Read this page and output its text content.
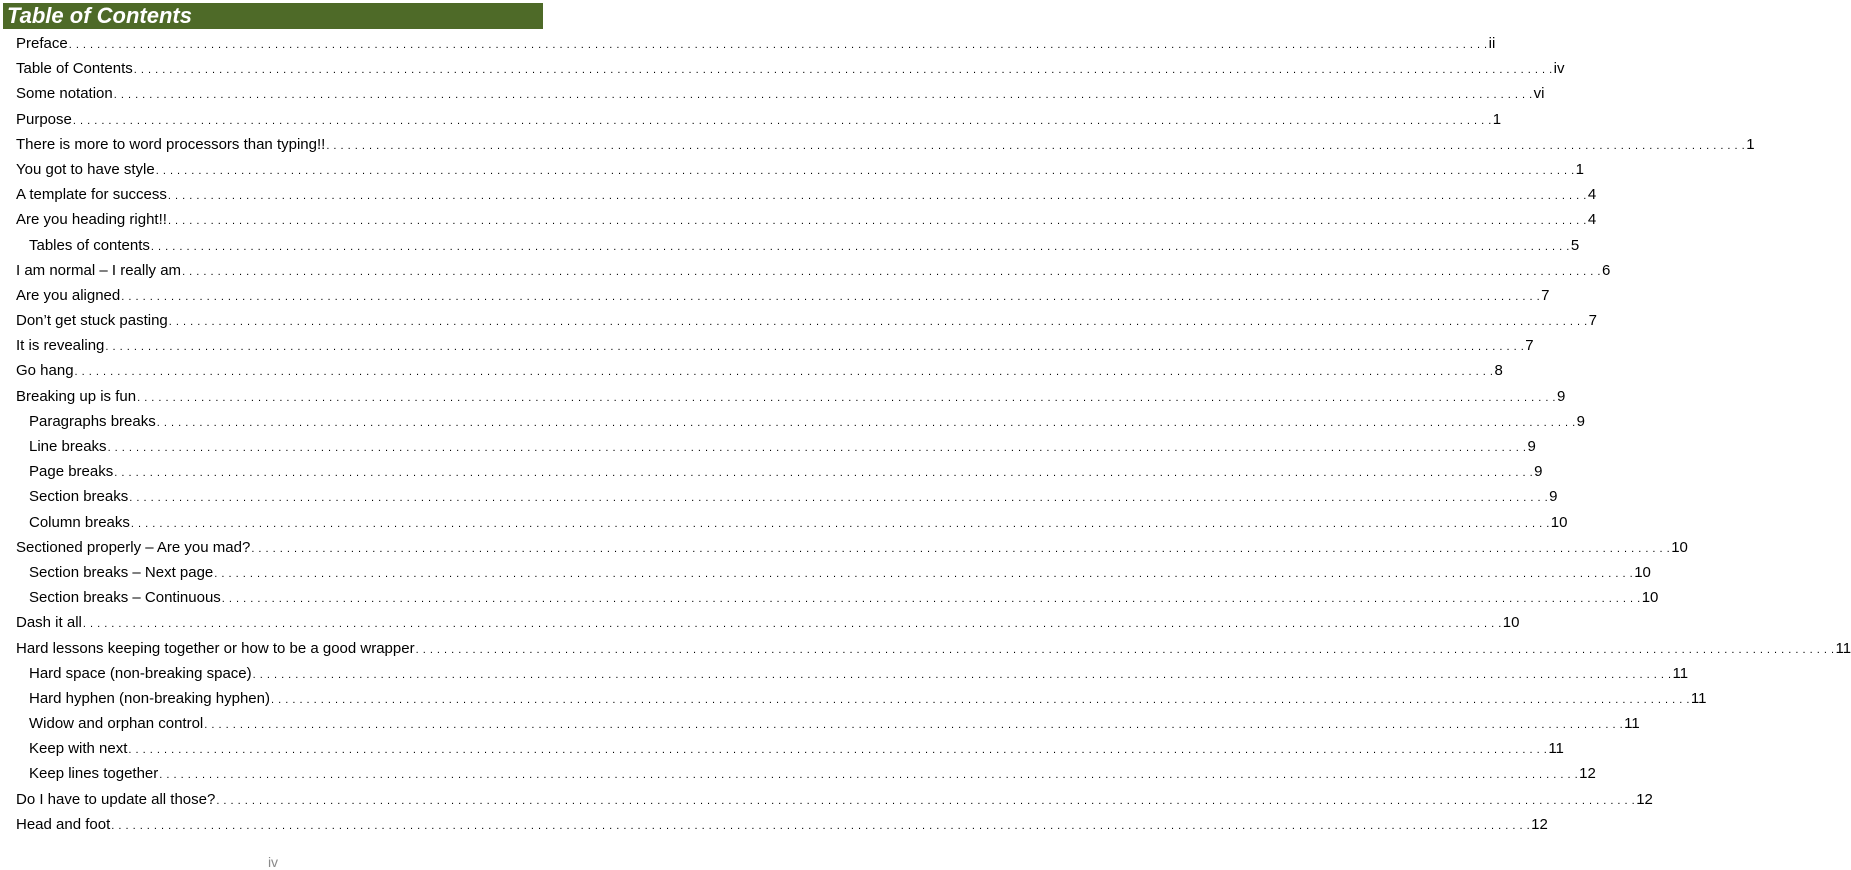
Table of Contents
Preface . . . . . . . . . . . . . . . . . . . . . . . . . . . . . . . . . . . . . . . . . . . . . . . . . . . . . . . . . . . . . . . . . . . . . . . . . . . . . . . . . . . . . . . . . . . . . . . . . . . . . . . . . . . . . . . . . . . . . . . . . . . . . . . . . . . . . . . . . . . . . . . . . . . . . . . . . . . . . . . . . . . . . . . . . . . . . . . . . . . . . . . . . . . . . . . . . . . . . . . . ii
Table of Contents . . . . . . . . . . . . . . . . . . . . . . . . . . . . . . . . . . . . . . . . . . . . . . . . . . . . . . . . . . . . . . . . . . . . . . . . . . . . . . . . . . . . . . . . . . . . . . . . . . . . . . . . . . . . . . . . . . . . . . . . . . . . . . . . . . . . . . . . . . . . . . . . . . . . . . . . . . . . . . . . . . . . . . . . . . . . . . . . . . . . . . . . . . . . . . . . . . . . . . . . iv
Some notation . . . . . . . . . . . . . . . . . . . . . . . . . . . . . . . . . . . . . . . . . . . . . . . . . . . . . . . . . . . . . . . . . . . . . . . . . . . . . . . . . . . . . . . . . . . . . . . . . . . . . . . . . . . . . . . . . . . . . . . . . . . . . . . . . . . . . . . . . . . . . . . . . . . . . . . . . . . . . . . . . . . . . . . . . . . . . . . . . . . . . . . . . . . . . . . . . . . . . . . . vi
Purpose . . . . . . . . . . . . . . . . . . . . . . . . . . . . . . . . . . . . . . . . . . . . . . . . . . . . . . . . . . . . . . . . . . . . . . . . . . . . . . . . . . . . . . . . . . . . . . . . . . . . . . . . . . . . . . . . . . . . . . . . . . . . . . . . . . . . . . . . . . . . . . . . . . . . . . . . . . . . . . . . . . . . . . . . . . . . . . . . . . . . . . . . . . . . . . . . . . . . . . . . 1
There is more to word processors than typing!! . . . . . . . . . . . . . . . . . . . . . . . . . . . . . . . . . . . . . . . . . . . . . . . . . . . . . . . . . . . . . . . . . . . . . . . . . . . . . . . . . . . . . . . . . . . . . . . . . . . . . . . . . . . . . . . . . . . . . . . . . . . . . . . . . . . . . . . . . . . . . . . . . . . . . . . . . . . . . . . . . . . . . . . . . . . . . . . . . . . . . . . . . . . . . . . . . . . . . . . . 1
You got to have style . . . . . . . . . . . . . . . . . . . . . . . . . . . . . . . . . . . . . . . . . . . . . . . . . . . . . . . . . . . . . . . . . . . . . . . . . . . . . . . . . . . . . . . . . . . . . . . . . . . . . . . . . . . . . . . . . . . . . . . . . . . . . . . . . . . . . . . . . . . . . . . . . . . . . . . . . . . . . . . . . . . . . . . . . . . . . . . . . . . . . . . . . . . . . . . . . . . . . . . . 1
A template for success . . . . . . . . . . . . . . . . . . . . . . . . . . . . . . . . . . . . . . . . . . . . . . . . . . . . . . . . . . . . . . . . . . . . . . . . . . . . . . . . . . . . . . . . . . . . . . . . . . . . . . . . . . . . . . . . . . . . . . . . . . . . . . . . . . . . . . . . . . . . . . . . . . . . . . . . . . . . . . . . . . . . . . . . . . . . . . . . . . . . . . . . . . . . . . . . . . . . . . . . 4
Are you heading right!! . . . . . . . . . . . . . . . . . . . . . . . . . . . . . . . . . . . . . . . . . . . . . . . . . . . . . . . . . . . . . . . . . . . . . . . . . . . . . . . . . . . . . . . . . . . . . . . . . . . . . . . . . . . . . . . . . . . . . . . . . . . . . . . . . . . . . . . . . . . . . . . . . . . . . . . . . . . . . . . . . . . . . . . . . . . . . . . . . . . . . . . . . . . . . . . . . . . . . . . . 4
Tables of contents . . . . . . . . . . . . . . . . . . . . . . . . . . . . . . . . . . . . . . . . . . . . . . . . . . . . . . . . . . . . . . . . . . . . . . . . . . . . . . . . . . . . . . . . . . . . . . . . . . . . . . . . . . . . . . . . . . . . . . . . . . . . . . . . . . . . . . . . . . . . . . . . . . . . . . . . . . . . . . . . . . . . . . . . . . . . . . . . . . . . . . . . . . . . . . . . . . . . . . . . 5
I am normal – I really am . . . . . . . . . . . . . . . . . . . . . . . . . . . . . . . . . . . . . . . . . . . . . . . . . . . . . . . . . . . . . . . . . . . . . . . . . . . . . . . . . . . . . . . . . . . . . . . . . . . . . . . . . . . . . . . . . . . . . . . . . . . . . . . . . . . . . . . . . . . . . . . . . . . . . . . . . . . . . . . . . . . . . . . . . . . . . . . . . . . . . . . . . . . . . . . . . . . . . . . . 6
Are you aligned . . . . . . . . . . . . . . . . . . . . . . . . . . . . . . . . . . . . . . . . . . . . . . . . . . . . . . . . . . . . . . . . . . . . . . . . . . . . . . . . . . . . . . . . . . . . . . . . . . . . . . . . . . . . . . . . . . . . . . . . . . . . . . . . . . . . . . . . . . . . . . . . . . . . . . . . . . . . . . . . . . . . . . . . . . . . . . . . . . . . . . . . . . . . . . . . . . . . . . . . 7
Don’t get stuck pasting . . . . . . . . . . . . . . . . . . . . . . . . . . . . . . . . . . . . . . . . . . . . . . . . . . . . . . . . . . . . . . . . . . . . . . . . . . . . . . . . . . . . . . . . . . . . . . . . . . . . . . . . . . . . . . . . . . . . . . . . . . . . . . . . . . . . . . . . . . . . . . . . . . . . . . . . . . . . . . . . . . . . . . . . . . . . . . . . . . . . . . . . . . . . . . . . . . . . . . . . 7
It is revealing . . . . . . . . . . . . . . . . . . . . . . . . . . . . . . . . . . . . . . . . . . . . . . . . . . . . . . . . . . . . . . . . . . . . . . . . . . . . . . . . . . . . . . . . . . . . . . . . . . . . . . . . . . . . . . . . . . . . . . . . . . . . . . . . . . . . . . . . . . . . . . . . . . . . . . . . . . . . . . . . . . . . . . . . . . . . . . . . . . . . . . . . . . . . . . . . . . . . . . . . 7
Go hang . . . . . . . . . . . . . . . . . . . . . . . . . . . . . . . . . . . . . . . . . . . . . . . . . . . . . . . . . . . . . . . . . . . . . . . . . . . . . . . . . . . . . . . . . . . . . . . . . . . . . . . . . . . . . . . . . . . . . . . . . . . . . . . . . . . . . . . . . . . . . . . . . . . . . . . . . . . . . . . . . . . . . . . . . . . . . . . . . . . . . . . . . . . . . . . . . . . . . . . . 8
Breaking up is fun . . . . . . . . . . . . . . . . . . . . . . . . . . . . . . . . . . . . . . . . . . . . . . . . . . . . . . . . . . . . . . . . . . . . . . . . . . . . . . . . . . . . . . . . . . . . . . . . . . . . . . . . . . . . . . . . . . . . . . . . . . . . . . . . . . . . . . . . . . . . . . . . . . . . . . . . . . . . . . . . . . . . . . . . . . . . . . . . . . . . . . . . . . . . . . . . . . . . . . . . 9
Paragraphs breaks . . . . . . . . . . . . . . . . . . . . . . . . . . . . . . . . . . . . . . . . . . . . . . . . . . . . . . . . . . . . . . . . . . . . . . . . . . . . . . . . . . . . . . . . . . . . . . . . . . . . . . . . . . . . . . . . . . . . . . . . . . . . . . . . . . . . . . . . . . . . . . . . . . . . . . . . . . . . . . . . . . . . . . . . . . . . . . . . . . . . . . . . . . . . . . . . . . . . . . . . 9
Line breaks . . . . . . . . . . . . . . . . . . . . . . . . . . . . . . . . . . . . . . . . . . . . . . . . . . . . . . . . . . . . . . . . . . . . . . . . . . . . . . . . . . . . . . . . . . . . . . . . . . . . . . . . . . . . . . . . . . . . . . . . . . . . . . . . . . . . . . . . . . . . . . . . . . . . . . . . . . . . . . . . . . . . . . . . . . . . . . . . . . . . . . . . . . . . . . . . . . . . . . . . 9
Page breaks . . . . . . . . . . . . . . . . . . . . . . . . . . . . . . . . . . . . . . . . . . . . . . . . . . . . . . . . . . . . . . . . . . . . . . . . . . . . . . . . . . . . . . . . . . . . . . . . . . . . . . . . . . . . . . . . . . . . . . . . . . . . . . . . . . . . . . . . . . . . . . . . . . . . . . . . . . . . . . . . . . . . . . . . . . . . . . . . . . . . . . . . . . . . . . . . . . . . . . . . 9
Section breaks . . . . . . . . . . . . . . . . . . . . . . . . . . . . . . . . . . . . . . . . . . . . . . . . . . . . . . . . . . . . . . . . . . . . . . . . . . . . . . . . . . . . . . . . . . . . . . . . . . . . . . . . . . . . . . . . . . . . . . . . . . . . . . . . . . . . . . . . . . . . . . . . . . . . . . . . . . . . . . . . . . . . . . . . . . . . . . . . . . . . . . . . . . . . . . . . . . . . . . . . 9
Column breaks . . . . . . . . . . . . . . . . . . . . . . . . . . . . . . . . . . . . . . . . . . . . . . . . . . . . . . . . . . . . . . . . . . . . . . . . . . . . . . . . . . . . . . . . . . . . . . . . . . . . . . . . . . . . . . . . . . . . . . . . . . . . . . . . . . . . . . . . . . . . . . . . . . . . . . . . . . . . . . . . . . . . . . . . . . . . . . . . . . . . . . . . . . . . . . . . . . . . . . . . 10
Sectioned properly – Are you mad? . . . . . . . . . . . . . . . . . . . . . . . . . . . . . . . . . . . . . . . . . . . . . . . . . . . . . . . . . . . . . . . . . . . . . . . . . . . . . . . . . . . . . . . . . . . . . . . . . . . . . . . . . . . . . . . . . . . . . . . . . . . . . . . . . . . . . . . . . . . . . . . . . . . . . . . . . . . . . . . . . . . . . . . . . . . . . . . . . . . . . . . . . . . . . . . . . . . . . . . . 10
Section breaks – Next page . . . . . . . . . . . . . . . . . . . . . . . . . . . . . . . . . . . . . . . . . . . . . . . . . . . . . . . . . . . . . . . . . . . . . . . . . . . . . . . . . . . . . . . . . . . . . . . . . . . . . . . . . . . . . . . . . . . . . . . . . . . . . . . . . . . . . . . . . . . . . . . . . . . . . . . . . . . . . . . . . . . . . . . . . . . . . . . . . . . . . . . . . . . . . . . . . . . . . . . . 10
Section breaks – Continuous . . . . . . . . . . . . . . . . . . . . . . . . . . . . . . . . . . . . . . . . . . . . . . . . . . . . . . . . . . . . . . . . . . . . . . . . . . . . . . . . . . . . . . . . . . . . . . . . . . . . . . . . . . . . . . . . . . . . . . . . . . . . . . . . . . . . . . . . . . . . . . . . . . . . . . . . . . . . . . . . . . . . . . . . . . . . . . . . . . . . . . . . . . . . . . . . . . . . . . . . 10
Dash it all . . . . . . . . . . . . . . . . . . . . . . . . . . . . . . . . . . . . . . . . . . . . . . . . . . . . . . . . . . . . . . . . . . . . . . . . . . . . . . . . . . . . . . . . . . . . . . . . . . . . . . . . . . . . . . . . . . . . . . . . . . . . . . . . . . . . . . . . . . . . . . . . . . . . . . . . . . . . . . . . . . . . . . . . . . . . . . . . . . . . . . . . . . . . . . . . . . . . . . . . 10
Hard lessons keeping together or how to be a good wrapper . . . . . . . . . . . . . . . . . . . . . . . . . . . . . . . . . . . . . . . . . . . . . . . . . . . . . . . . . . . . . . . . . . . . . . . . . . . . . . . . . . . . . . . . . . . . . . . . . . . . . . . . . . . . . . . . . . . . . . . . . . . . . . . . . . . . . . . . . . . . . . . . . . . . . . . . . . . . . . . . . . . . . . . . . . . . . . . . . . . . . . . . . . . . . . . . . . . . . . . . 11
Hard space (non-breaking space) . . . . . . . . . . . . . . . . . . . . . . . . . . . . . . . . . . . . . . . . . . . . . . . . . . . . . . . . . . . . . . . . . . . . . . . . . . . . . . . . . . . . . . . . . . . . . . . . . . . . . . . . . . . . . . . . . . . . . . . . . . . . . . . . . . . . . . . . . . . . . . . . . . . . . . . . . . . . . . . . . . . . . . . . . . . . . . . . . . . . . . . . . . . . . . . . . . . . . . . . 11
Hard hyphen (non-breaking hyphen) . . . . . . . . . . . . . . . . . . . . . . . . . . . . . . . . . . . . . . . . . . . . . . . . . . . . . . . . . . . . . . . . . . . . . . . . . . . . . . . . . . . . . . . . . . . . . . . . . . . . . . . . . . . . . . . . . . . . . . . . . . . . . . . . . . . . . . . . . . . . . . . . . . . . . . . . . . . . . . . . . . . . . . . . . . . . . . . . . . . . . . . . . . . . . . . . . . . . . . . . 11
Widow and orphan control . . . . . . . . . . . . . . . . . . . . . . . . . . . . . . . . . . . . . . . . . . . . . . . . . . . . . . . . . . . . . . . . . . . . . . . . . . . . . . . . . . . . . . . . . . . . . . . . . . . . . . . . . . . . . . . . . . . . . . . . . . . . . . . . . . . . . . . . . . . . . . . . . . . . . . . . . . . . . . . . . . . . . . . . . . . . . . . . . . . . . . . . . . . . . . . . . . . . . . . . 11
Keep with next . . . . . . . . . . . . . . . . . . . . . . . . . . . . . . . . . . . . . . . . . . . . . . . . . . . . . . . . . . . . . . . . . . . . . . . . . . . . . . . . . . . . . . . . . . . . . . . . . . . . . . . . . . . . . . . . . . . . . . . . . . . . . . . . . . . . . . . . . . . . . . . . . . . . . . . . . . . . . . . . . . . . . . . . . . . . . . . . . . . . . . . . . . . . . . . . . . . . . . . . 11
Keep lines together . . . . . . . . . . . . . . . . . . . . . . . . . . . . . . . . . . . . . . . . . . . . . . . . . . . . . . . . . . . . . . . . . . . . . . . . . . . . . . . . . . . . . . . . . . . . . . . . . . . . . . . . . . . . . . . . . . . . . . . . . . . . . . . . . . . . . . . . . . . . . . . . . . . . . . . . . . . . . . . . . . . . . . . . . . . . . . . . . . . . . . . . . . . . . . . . . . . . . . . . 12
Do I have to update all those? . . . . . . . . . . . . . . . . . . . . . . . . . . . . . . . . . . . . . . . . . . . . . . . . . . . . . . . . . . . . . . . . . . . . . . . . . . . . . . . . . . . . . . . . . . . . . . . . . . . . . . . . . . . . . . . . . . . . . . . . . . . . . . . . . . . . . . . . . . . . . . . . . . . . . . . . . . . . . . . . . . . . . . . . . . . . . . . . . . . . . . . . . . . . . . . . . . . . . . . . 12
Head and foot . . . . . . . . . . . . . . . . . . . . . . . . . . . . . . . . . . . . . . . . . . . . . . . . . . . . . . . . . . . . . . . . . . . . . . . . . . . . . . . . . . . . . . . . . . . . . . . . . . . . . . . . . . . . . . . . . . . . . . . . . . . . . . . . . . . . . . . . . . . . . . . . . . . . . . . . . . . . . . . . . . . . . . . . . . . . . . . . . . . . . . . . . . . . . . . . . . . . . . . . 12
iv
